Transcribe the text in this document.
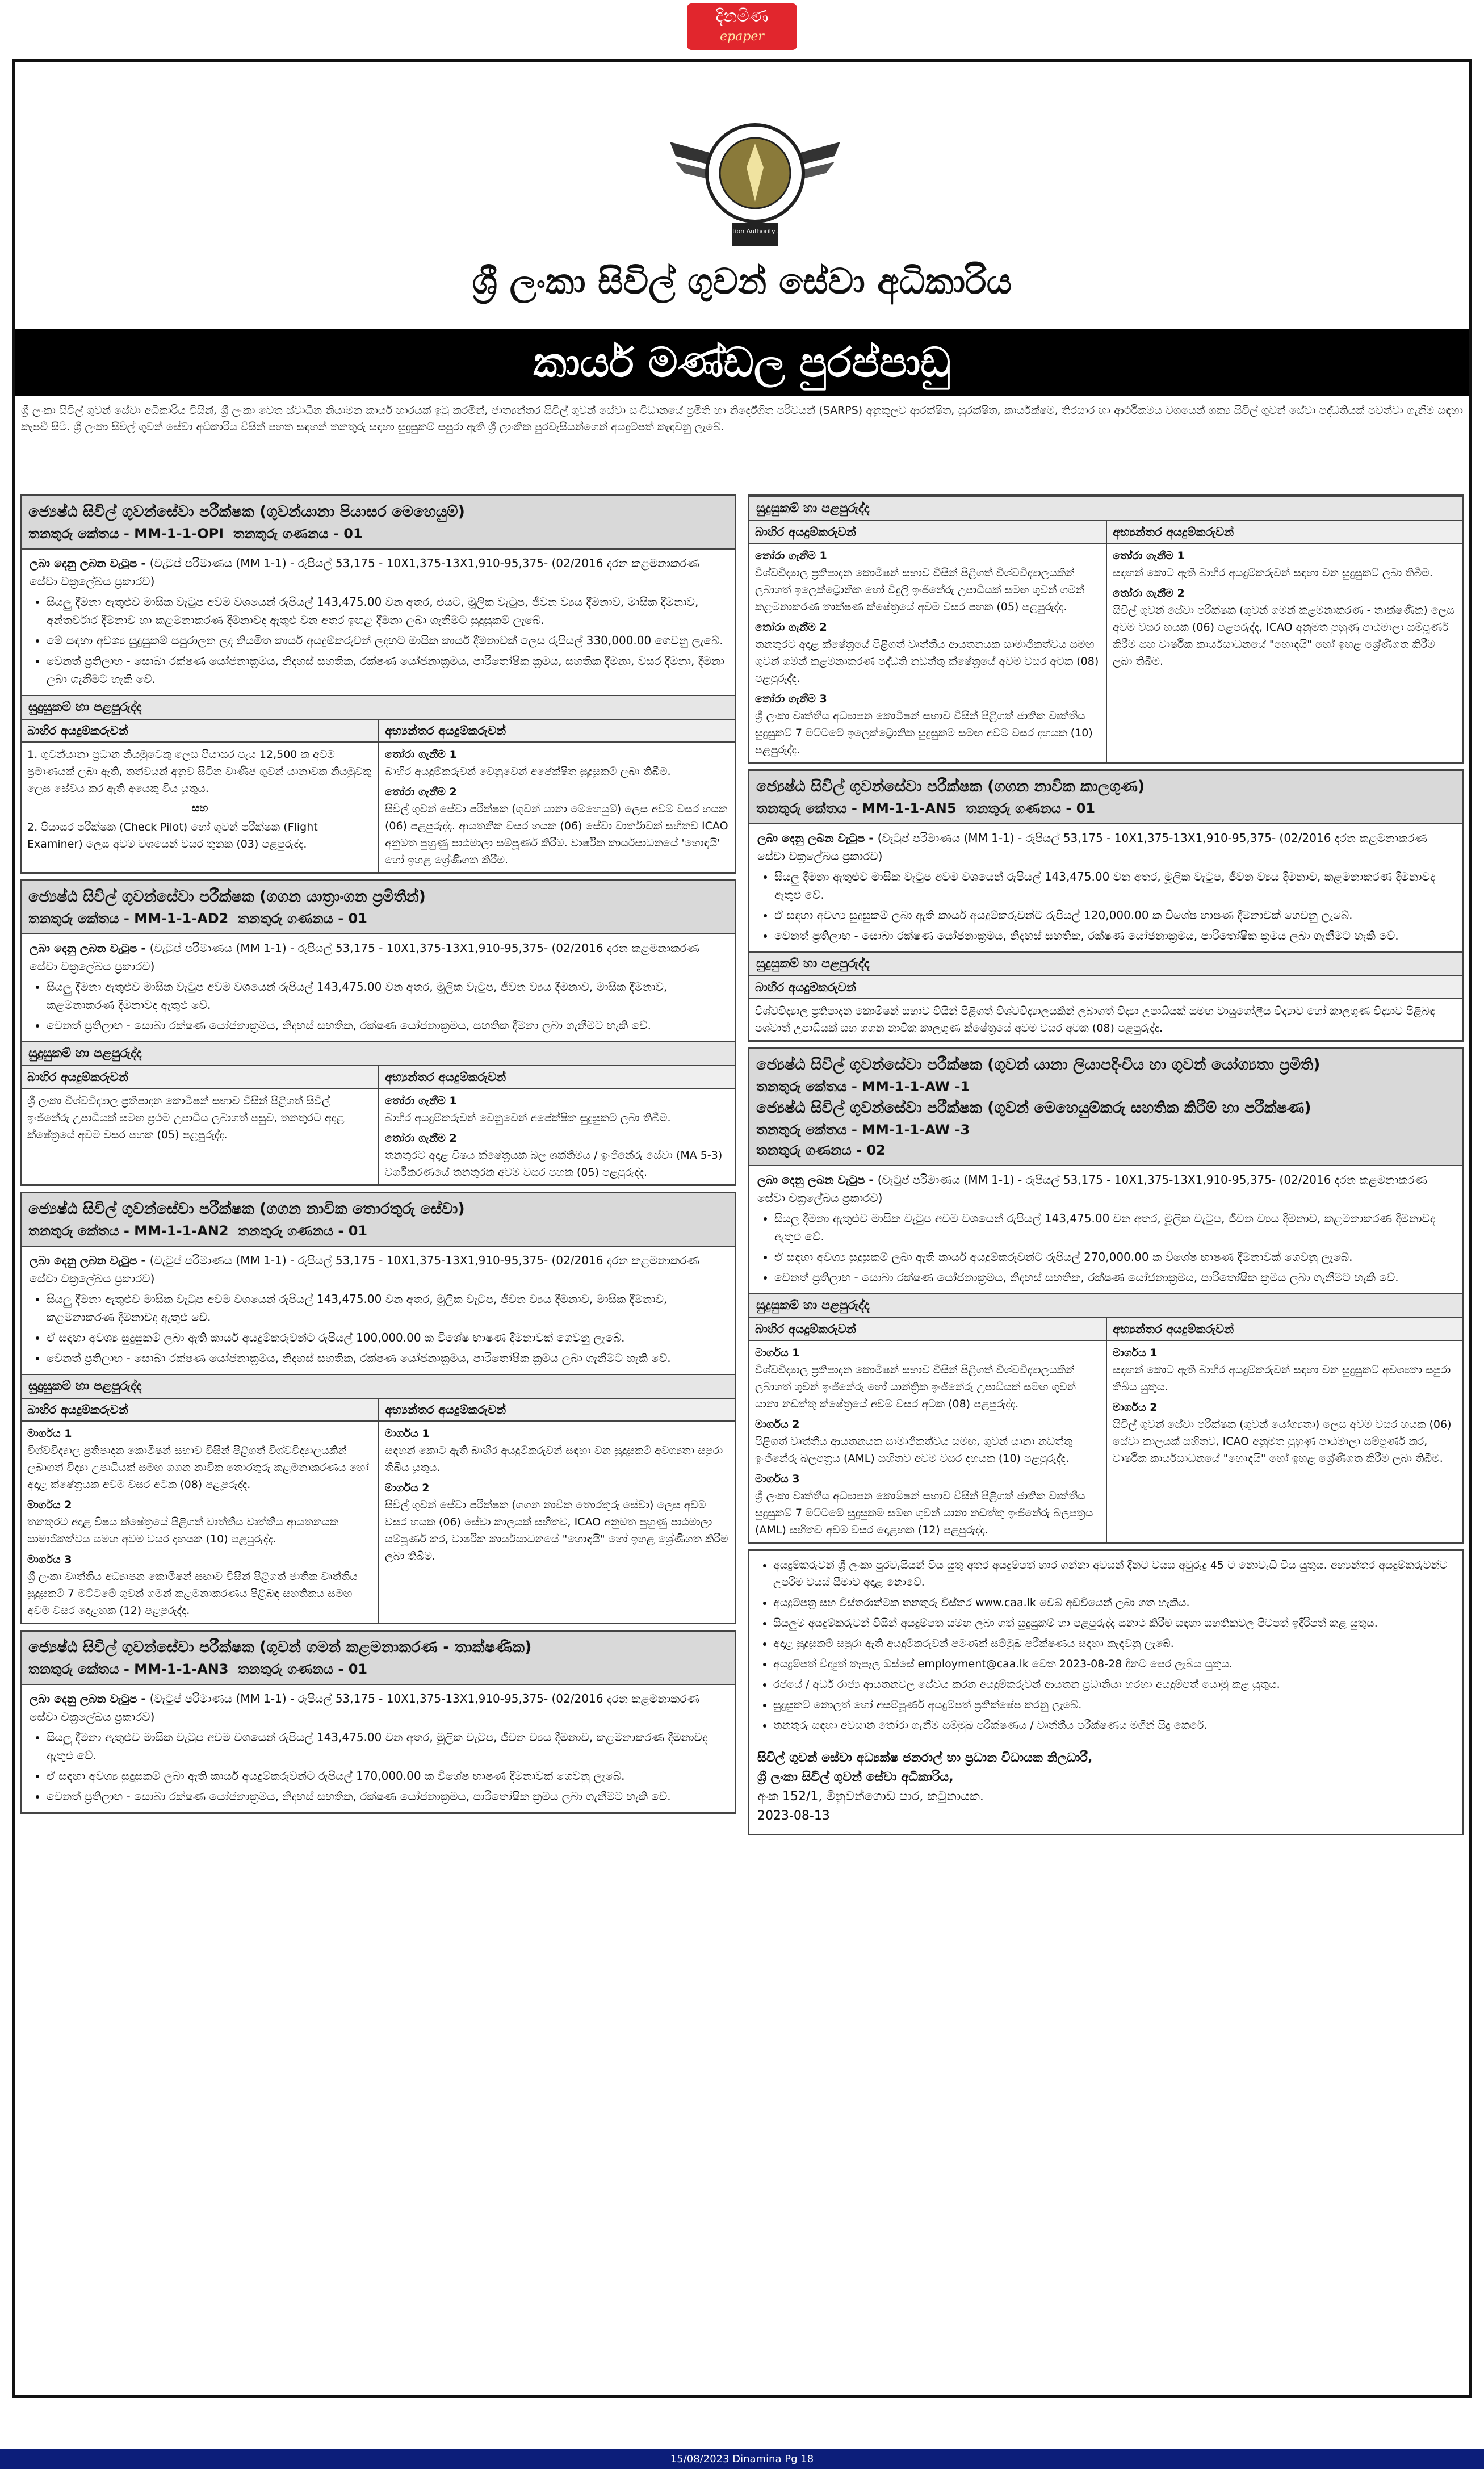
දිනමිණ
epaper
Civil Aviation Authority Sri Lanka
ශ්‍රී ලංකා සිවිල් ගුවන් සේවා අධිකාරිය
කාර්ය මණ්ඩල පුරප්පාඩු

ශ්‍රී ලංකා සිවිල් ගුවන් සේවා අධිකාරිය විසින්, ශ්‍රී ලංකා වෙත ස්වාධීන නියාමන කාර්ය භාරයක් ඉටු කරමින්, ජාත්‍යන්තර සිවිල් ගුවන් සේවා සංවිධානයේ ප්‍රමිති හා නිර්දේශිත පරිචයන් (SARPS) අනුකූලව ආරක්ෂිත, සුරක්ෂිත, කාර්යක්ෂම, තිරසාර හා ආර්ථිකමය වශයෙන් ශක්‍ය සිවිල් ගුවන් සේවා පද්ධතියක් පවත්වා ගැනීම සඳහා කැපවී සිටී. ශ්‍රී ලංකා සිවිල් ගුවන් සේවා අධිකාරිය විසින් පහත සඳහන් තනතුරු සඳහා සුදුසුකම් සපුරා ඇති ශ්‍රී ලාංකික පුරවැසියන්ගෙන් අයදුම්පත් කැඳවනු ලැබේ.

ජ්‍යෙෂ්ඨ සිවිල් ගුවන්සේවා පරීක්ෂක (ගුවන්යානා පියාසර මෙහෙයුම්)
තනතුරු කේතය - MM-1-1-OPI තනතුරු ගණනය - 01
ලබා දෙනු ලබන වැටුප - (වැටුප් පරිමාණය (MM 1-1) - රුපියල් 53,175 - 10X1,375-13X1,910-95,375- (02/2016 දරන කළමනාකරණ සේවා චක්‍රලේඛය ප්‍රකාරව)
• සියලු දීමනා ඇතුළුව මාසික වැටුප අවම වශයෙන් රුපියල් 143,475.00 වන අතර, එයට, මූලික වැටුප, ජීවන ව්‍යය දීමනාව, මාසික දීමනාව, අන්තර්වාර දීමනාව හා කළමනාකරණ දීමනාවද ඇතුළු වන අතර ඉහළ දීමනා ලබා ගැනීමට සුදුසුකම් ලැබේ.
• මේ සඳහා අවශ්‍ය සුදුසුකම් සපුරාලන ලද නියමිත කාර්ය අයදුම්කරුවන් ලදහට මාසික කාර්ය දීමනාවක් ලෙස රුපියල් 330,000.00 ගෙවනු ලැබේ.
• වෙනත් ප්‍රතිලාභ - සොබා රක්ෂණ යෝජනාක්‍රමය, නිදහස් සහතික, රක්ෂණ යෝජනාක්‍රමය, පාරිතෝෂික ක්‍රමය, සහතික දීමනා, වසර දීමනා, දීමනා ලබා ගැනීමට හැකි වේ.
සුදුසුකම් හා පළපුරුද්ද
බාහිර අයදුම්කරුවන්
1. ගුවන්යානා ප්‍රධාන නියමුවෙකු ලෙස පියාසර පැය 12,500 ක අවම ප්‍රමාණයක් ලබා ඇති, තත්වයන් අනුව සිටින වාණිජ ගුවන් යානාවක නියමුවකු ලෙස සේවය කර ඇති අයෙකු විය යුතුය.
සහ
2. පියාසර පරීක්ෂක (Check Pilot) හෝ ගුවන් පරීක්ෂක (Flight Examiner) ලෙස අවම වශයෙන් වසර තුනක (03) පළපුරුද්ද.
අභ්‍යන්තර අයදුම්කරුවන්
තෝරා ගැනීම 1
බාහිර අයදුම්කරුවන් වෙනුවෙන් අපේක්ෂිත සුදුසුකම් ලබා තිබීම.
තෝරා ගැනීම 2
සිවිල් ගුවන් සේවා පරීක්ෂක (ගුවන් යානා මෙහෙයුම්) ලෙස අවම වසර හයක (06) පළපුරුද්ද. ආයතනික වසර හයක (06) සේවා වාර්තාවක් සහිතව ICAO අනුමත පුහුණු පාඨමාලා සම්පූර්ණ කිරීම. වාර්ෂික කාර්යසාධනයේ 'හොඳයි' හෝ ඉහළ ශ්‍රේණිගත කිරීම.
ජ්‍යෙෂ්ඨ සිවිල් ගුවන්සේවා පරීක්ෂක (ගගන යාත්‍රාංගන ප්‍රමිතීන්)
තනතුරු කේතය - MM-1-1-AD2 තනතුරු ගණනය - 01
ලබා දෙනු ලබන වැටුප - (වැටුප් පරිමාණය (MM 1-1) - රුපියල් 53,175 - 10X1,375-13X1,910-95,375- (02/2016 දරන කළමනාකරණ සේවා චක්‍රලේඛය ප්‍රකාරව)
• සියලු දීමනා ඇතුළුව මාසික වැටුප අවම වශයෙන් රුපියල් 143,475.00 වන අතර, මූලික වැටුප, ජීවන ව්‍යය දීමනාව, මාසික දීමනාව, කළමනාකරණ දීමනාවද ඇතුළු වේ.
• වෙනත් ප්‍රතිලාභ - සොබා රක්ෂණ යෝජනාක්‍රමය, නිදහස් සහතික, රක්ෂණ යෝජනාක්‍රමය, සහතික දීමනා ලබා ගැනීමට හැකි වේ.
සුදුසුකම් හා පළපුරුද්ද
බාහිර අයදුම්කරුවන්
ශ්‍රී ලංකා විශ්වවිද්‍යාල ප්‍රතිපාදන කොමිෂන් සභාව විසින් පිළිගත් සිවිල් ඉංජිනේරු උපාධියක් සමඟ ප්‍රථම උපාධිය ලබාගත් පසුව, තනතුරට අදාළ ක්ෂේත්‍රයේ අවම වසර පහක (05) පළපුරුද්ද.
අභ්‍යන්තර අයදුම්කරුවන්
තෝරා ගැනීම 1
බාහිර අයදුම්කරුවන් වෙනුවෙන් අපේක්ෂිත සුදුසුකම් ලබා තිබීම.
තෝරා ගැනීම 2
තනතුරට අදාළ විෂය ක්ෂේත්‍රයක බල ශක්තිමය / ඉංජිනේරු සේවා (MA 5-3) වර්ගීකරණයේ තනතුරක අවම වසර පහක (05) පළපුරුද්ද.
ජ්‍යෙෂ්ඨ සිවිල් ගුවන්සේවා පරීක්ෂක (ගගන නාවික තොරතුරු සේවා)
තනතුරු කේතය - MM-1-1-AN2 තනතුරු ගණනය - 01
ලබා දෙනු ලබන වැටුප - (වැටුප් පරිමාණය (MM 1-1) - රුපියල් 53,175 - 10X1,375-13X1,910-95,375- (02/2016 දරන කළමනාකරණ සේවා චක්‍රලේඛය ප්‍රකාරව)
• සියලු දීමනා ඇතුළුව මාසික වැටුප අවම වශයෙන් රුපියල් 143,475.00 වන අතර, මූලික වැටුප, ජීවන ව්‍යය දීමනාව, මාසික දීමනාව, කළමනාකරණ දීමනාවද ඇතුළු වේ.
• ඒ සඳහා අවශ්‍ය සුදුසුකම් ලබා ඇති කාර්ය අයදුම්කරුවන්ට රුපියල් 100,000.00 ක විශේෂ භාෂණ දීමනාවක් ගෙවනු ලැබේ.
• වෙනත් ප්‍රතිලාභ - සොබා රක්ෂණ යෝජනාක්‍රමය, නිදහස් සහතික, රක්ෂණ යෝජනාක්‍රමය, පාරිතෝෂික ක්‍රමය ලබා ගැනීමට හැකි වේ.
සුදුසුකම් හා පළපුරුද්ද
බාහිර අයදුම්කරුවන්
මාර්ගය 1
විශ්වවිද්‍යාල ප්‍රතිපාදන කොමිෂන් සභාව විසින් පිළිගත් විශ්වවිද්‍යාලයකින් ලබාගත් විද්‍යා උපාධියක් සමඟ ගගන නාවික තොරතුරු කළමනාකරණය හෝ අදාළ ක්ෂේත්‍රයක අවම වසර අටක (08) පළපුරුද්ද.
මාර්ගය 2
තනතුරට අදාළ විෂය ක්ෂේත්‍රයේ පිළිගත් වෘත්තීය වෘත්තීය ආයතනයක සාමාජිකත්වය සමඟ අවම වසර දහයක (10) පළපුරුද්ද.
මාර්ගය 3
ශ්‍රී ලංකා වෘත්තීය අධ්‍යාපන කොමිෂන් සභාව විසින් පිළිගත් ජාතික වෘත්තීය සුදුසුකම් 7 මට්ටමේ ගුවන් ගමන් කළමනාකරණය පිළිබඳ සහතිකය සමඟ අවම වසර දොළහක (12) පළපුරුද්ද.
අභ්‍යන්තර අයදුම්කරුවන්
මාර්ගය 1
සඳහන් කොට ඇති බාහිර අයදුම්කරුවන් සඳහා වන සුදුසුකම් අවශ්‍යතා සපුරා තිබිය යුතුය.
මාර්ගය 2
සිවිල් ගුවන් සේවා පරීක්ෂක (ගගන නාවික තොරතුරු සේවා) ලෙස අවම වසර හයක (06) සේවා කාලයක් සහිතව, ICAO අනුමත පුහුණු පාඨමාලා සම්පූර්ණ කර, වාර්ෂික කාර්යසාධනයේ "හොඳයි" හෝ ඉහළ ශ්‍රේණිගත කිරීම ලබා තිබීම.
ජ්‍යෙෂ්ඨ සිවිල් ගුවන්සේවා පරීක්ෂක (ගුවන් ගමන් කළමනාකරණ - තාක්ෂණික)
තනතුරු කේතය - MM-1-1-AN3 තනතුරු ගණනය - 01
ලබා දෙනු ලබන වැටුප - (වැටුප් පරිමාණය (MM 1-1) - රුපියල් 53,175 - 10X1,375-13X1,910-95,375- (02/2016 දරන කළමනාකරණ සේවා චක්‍රලේඛය ප්‍රකාරව)
• සියලු දීමනා ඇතුළුව මාසික වැටුප අවම වශයෙන් රුපියල් 143,475.00 වන අතර, මූලික වැටුප, ජීවන ව්‍යය දීමනාව, කළමනාකරණ දීමනාවද ඇතුළු වේ.
• ඒ සඳහා අවශ්‍ය සුදුසුකම් ලබා ඇති කාර්ය අයදුම්කරුවන්ට රුපියල් 170,000.00 ක විශේෂ භාෂණ දීමනාවක් ගෙවනු ලැබේ.
• වෙනත් ප්‍රතිලාභ - සොබා රක්ෂණ යෝජනාක්‍රමය, නිදහස් සහතික, රක්ෂණ යෝජනාක්‍රමය, පාරිතෝෂික ක්‍රමය ලබා ගැනීමට හැකි වේ.
සුදුසුකම් හා පළපුරුද්ද
බාහිර අයදුම්කරුවන්
තෝරා ගැනීම 1
විශ්වවිද්‍යාල ප්‍රතිපාදන කොමිෂන් සභාව විසින් පිළිගත් විශ්වවිද්‍යාලයකින් ලබාගත් ඉලෙක්ට්‍රොනික හෝ විදුලි ඉංජිනේරු උපාධියක් සමඟ ගුවන් ගමන් කළමනාකරණ තාක්ෂණ ක්ෂේත්‍රයේ අවම වසර පහක (05) පළපුරුද්ද.
තෝරා ගැනීම 2
තනතුරට අදාළ ක්ෂේත්‍රයේ පිළිගත් වෘත්තීය ආයතනයක සාමාජිකත්වය සමඟ ගුවන් ගමන් කළමනාකරණ පද්ධති නඩත්තු ක්ෂේත්‍රයේ අවම වසර අටක (08) පළපුරුද්ද.
තෝරා ගැනීම 3
ශ්‍රී ලංකා වෘත්තීය අධ්‍යාපන කොමිෂන් සභාව විසින් පිළිගත් ජාතික වෘත්තීය සුදුසුකම් 7 මට්ටමේ ඉලෙක්ට්‍රොනික සුදුසුකම සමඟ අවම වසර දහයක (10) පළපුරුද්ද.
අභ්‍යන්තර අයදුම්කරුවන්
තෝරා ගැනීම 1
සඳහන් කොට ඇති බාහිර අයදුම්කරුවන් සඳහා වන සුදුසුකම් ලබා තිබීම.
තෝරා ගැනීම 2
සිවිල් ගුවන් සේවා පරීක්ෂක (ගුවන් ගමන් කළමනාකරණ - තාක්ෂණික) ලෙස අවම වසර හයක (06) පළපුරුද්ද, ICAO අනුමත පුහුණු පාඨමාලා සම්පූර්ණ කිරීම සහ වාර්ෂික කාර්යසාධනයේ "හොඳයි" හෝ ඉහළ ශ්‍රේණිගත කිරීම ලබා තිබීම.
ජ්‍යෙෂ්ඨ සිවිල් ගුවන්සේවා පරීක්ෂක (ගගන නාවික කාලගුණ)
තනතුරු කේතය - MM-1-1-AN5 තනතුරු ගණනය - 01
ලබා දෙනු ලබන වැටුප - (වැටුප් පරිමාණය (MM 1-1) - රුපියල් 53,175 - 10X1,375-13X1,910-95,375- (02/2016 දරන කළමනාකරණ සේවා චක්‍රලේඛය ප්‍රකාරව)
• සියලු දීමනා ඇතුළුව මාසික වැටුප අවම වශයෙන් රුපියල් 143,475.00 වන අතර, මූලික වැටුප, ජීවන ව්‍යය දීමනාව, කළමනාකරණ දීමනාවද ඇතුළු වේ.
• ඒ සඳහා අවශ්‍ය සුදුසුකම් ලබා ඇති කාර්ය අයදුම්කරුවන්ට රුපියල් 120,000.00 ක විශේෂ භාෂණ දීමනාවක් ගෙවනු ලැබේ.
• වෙනත් ප්‍රතිලාභ - සොබා රක්ෂණ යෝජනාක්‍රමය, නිදහස් සහතික, රක්ෂණ යෝජනාක්‍රමය, පාරිතෝෂික ක්‍රමය ලබා ගැනීමට හැකි වේ.
සුදුසුකම් හා පළපුරුද්ද
බාහිර අයදුම්කරුවන්
විශ්වවිද්‍යාල ප්‍රතිපාදන කොමිෂන් සභාව විසින් පිළිගත් විශ්වවිද්‍යාලයකින් ලබාගත් විද්‍යා උපාධියක් සමඟ වායුගෝලීය විද්‍යාව හෝ කාලගුණ විද්‍යාව පිළිබඳ පශ්චාත් උපාධියක් සහ ගගන නාවික කාලගුණ ක්ෂේත්‍රයේ අවම වසර අටක (08) පළපුරුද්ද.
ජ්‍යෙෂ්ඨ සිවිල් ගුවන්සේවා පරීක්ෂක (ගුවන් යානා ලියාපදිංචිය හා ගුවන් යෝග්‍යතා ප්‍රමිති)
තනතුරු කේතය - MM-1-1-AW -1
ජ්‍යෙෂ්ඨ සිවිල් ගුවන්සේවා පරීක්ෂක (ගුවන් මෙහෙයුම්කරු සහතික කිරීම් හා පරීක්ෂණ)
තනතුරු කේතය - MM-1-1-AW -3
තනතුරු ගණනය - 02
ලබා දෙනු ලබන වැටුප - (වැටුප් පරිමාණය (MM 1-1) - රුපියල් 53,175 - 10X1,375-13X1,910-95,375- (02/2016 දරන කළමනාකරණ සේවා චක්‍රලේඛය ප්‍රකාරව)
• සියලු දීමනා ඇතුළුව මාසික වැටුප අවම වශයෙන් රුපියල් 143,475.00 වන අතර, මූලික වැටුප, ජීවන ව්‍යය දීමනාව, කළමනාකරණ දීමනාවද ඇතුළු වේ.
• ඒ සඳහා අවශ්‍ය සුදුසුකම් ලබා ඇති කාර්ය අයදුම්කරුවන්ට රුපියල් 270,000.00 ක විශේෂ භාෂණ දීමනාවක් ගෙවනු ලැබේ.
• වෙනත් ප්‍රතිලාභ - සොබා රක්ෂණ යෝජනාක්‍රමය, නිදහස් සහතික, රක්ෂණ යෝජනාක්‍රමය, පාරිතෝෂික ක්‍රමය ලබා ගැනීමට හැකි වේ.
සුදුසුකම් හා පළපුරුද්ද
බාහිර අයදුම්කරුවන්
මාර්ගය 1
විශ්වවිද්‍යාල ප්‍රතිපාදන කොමිෂන් සභාව විසින් පිළිගත් විශ්වවිද්‍යාලයකින් ලබාගත් ගුවන් ඉංජිනේරු හෝ යාන්ත්‍රික ඉංජිනේරු උපාධියක් සමඟ ගුවන් යානා නඩත්තු ක්ෂේත්‍රයේ අවම වසර අටක (08) පළපුරුද්ද.
මාර්ගය 2
පිළිගත් වෘත්තීය ආයතනයක සාමාජිකත්වය සමඟ, ගුවන් යානා නඩත්තු ඉංජිනේරු බලපත්‍රය (AML) සහිතව අවම වසර දහයක (10) පළපුරුද්ද.
මාර්ගය 3
ශ්‍රී ලංකා වෘත්තීය අධ්‍යාපන කොමිෂන් සභාව විසින් පිළිගත් ජාතික වෘත්තීය සුදුසුකම් 7 මට්ටමේ සුදුසුකම සමඟ ගුවන් යානා නඩත්තු ඉංජිනේරු බලපත්‍රය (AML) සහිතව අවම වසර දොළහක (12) පළපුරුද්ද.
අභ්‍යන්තර අයදුම්කරුවන්
මාර්ගය 1
සඳහන් කොට ඇති බාහිර අයදුම්කරුවන් සඳහා වන සුදුසුකම් අවශ්‍යතා සපුරා තිබිය යුතුය.
මාර්ගය 2
සිවිල් ගුවන් සේවා පරීක්ෂක (ගුවන් යෝග්‍යතා) ලෙස අවම වසර හයක (06) සේවා කාලයක් සහිතව, ICAO අනුමත පුහුණු පාඨමාලා සම්පූර්ණ කර, වාර්ෂික කාර්යසාධනයේ "හොඳයි" හෝ ඉහළ ශ්‍රේණිගත කිරීම ලබා තිබීම.
• අයදුම්කරුවන් ශ්‍රී ලංකා පුරවැසියන් විය යුතු අතර අයදුම්පත් භාර ගන්නා අවසන් දිනට වයස අවුරුදු 45 ට නොවැඩි විය යුතුය. අභ්‍යන්තර අයදුම්කරුවන්ට උපරිම වයස් සීමාව අදාළ නොවේ.
• අයදුම්පත්‍ර සහ විස්තරාත්මක තනතුරු විස්තර www.caa.lk වෙබ් අඩවියෙන් ලබා ගත හැකිය.
• සියලුම අයදුම්කරුවන් විසින් අයදුම්පත සමඟ ලබා ගත් සුදුසුකම් හා පළපුරුද්ද සනාථ කිරීම සඳහා සහතිකවල පිටපත් ඉදිරිපත් කළ යුතුය.
• අදාළ සුදුසුකම් සපුරා ඇති අයදුම්කරුවන් පමණක් සම්මුඛ පරීක්ෂණය සඳහා කැඳවනු ලැබේ.
• අයදුම්පත් විද්‍යුත් තැපෑල ඔස්සේ employment@caa.lk වෙත 2023-08-28 දිනට පෙර ලැබිය යුතුය.
• රජයේ / අර්ධ රාජ්‍ය ආයතනවල සේවය කරන අයදුම්කරුවන් ආයතන ප්‍රධානියා හරහා අයදුම්පත් යොමු කළ යුතුය.
• සුදුසුකම් නොලත් හෝ අසම්පූර්ණ අයදුම්පත් ප්‍රතික්ෂේප කරනු ලැබේ.
• තනතුරු සඳහා අවසාන තෝරා ගැනීම සම්මුඛ පරීක්ෂණය / වෘත්තීය පරීක්ෂණය මගින් සිදු කෙරේ.
සිවිල් ගුවන් සේවා අධ්‍යක්ෂ ජනරාල් හා ප්‍රධාන විධායක නිලධාරී,
ශ්‍රී ලංකා සිවිල් ගුවන් සේවා අධිකාරිය,
අංක 152/1, මිනුවන්ගොඩ පාර, කටුනායක.
2023-08-13
15/08/2023 Dinamina Pg 18
